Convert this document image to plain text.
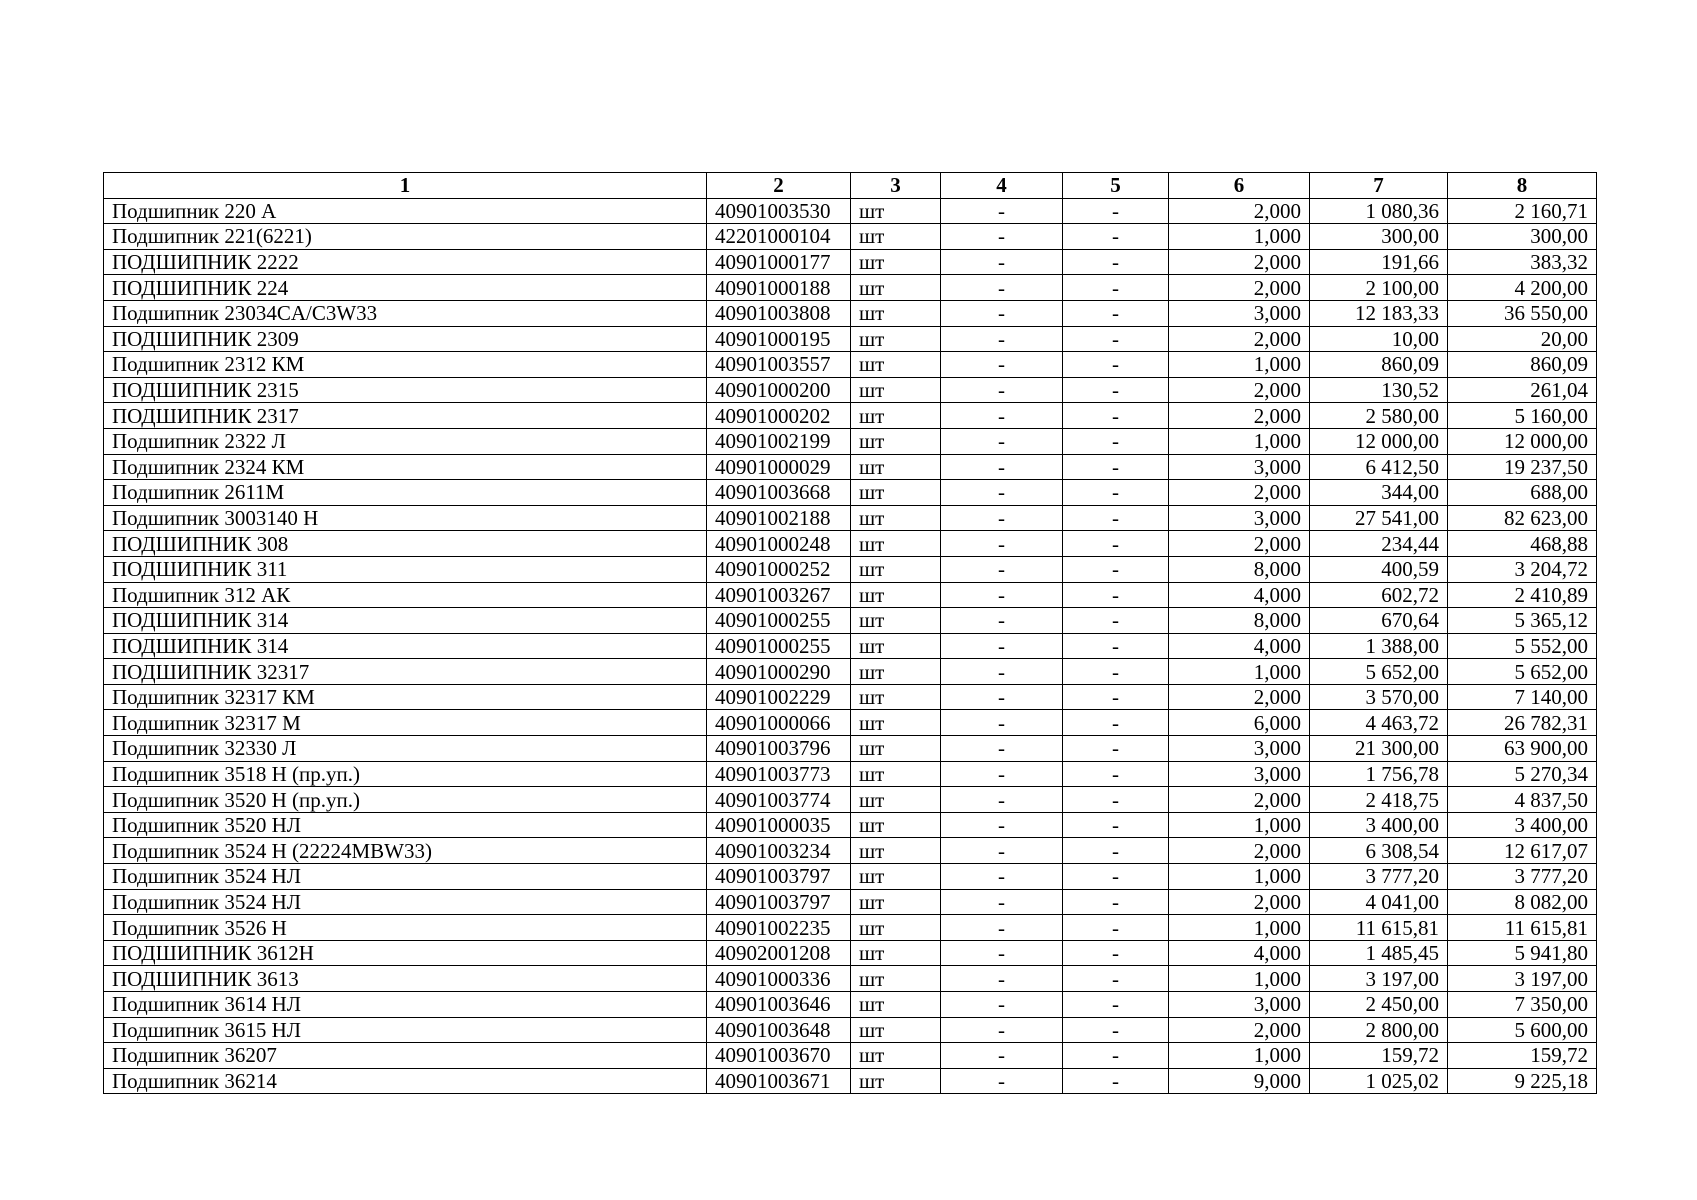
1	2	3	4	5	6	7	8
Подшипник 220 А	40901003530	шт	-	-	2,000	1 080,36	2 160,71
Подшипник 221(6221)	42201000104	шт	-	-	1,000	300,00	300,00
ПОДШИПНИК 2222	40901000177	шт	-	-	2,000	191,66	383,32
ПОДШИПНИК 224	40901000188	шт	-	-	2,000	2 100,00	4 200,00
Подшипник 23034CA/C3W33	40901003808	шт	-	-	3,000	12 183,33	36 550,00
ПОДШИПНИК 2309	40901000195	шт	-	-	2,000	10,00	20,00
Подшипник 2312 КМ	40901003557	шт	-	-	1,000	860,09	860,09
ПОДШИПНИК 2315	40901000200	шт	-	-	2,000	130,52	261,04
ПОДШИПНИК 2317	40901000202	шт	-	-	2,000	2 580,00	5 160,00
Подшипник 2322 Л	40901002199	шт	-	-	1,000	12 000,00	12 000,00
Подшипник 2324 КМ	40901000029	шт	-	-	3,000	6 412,50	19 237,50
Подшипник 2611М	40901003668	шт	-	-	2,000	344,00	688,00
Подшипник 3003140 Н	40901002188	шт	-	-	3,000	27 541,00	82 623,00
ПОДШИПНИК 308	40901000248	шт	-	-	2,000	234,44	468,88
ПОДШИПНИК 311	40901000252	шт	-	-	8,000	400,59	3 204,72
Подшипник 312 АК	40901003267	шт	-	-	4,000	602,72	2 410,89
ПОДШИПНИК 314	40901000255	шт	-	-	8,000	670,64	5 365,12
ПОДШИПНИК 314	40901000255	шт	-	-	4,000	1 388,00	5 552,00
ПОДШИПНИК 32317	40901000290	шт	-	-	1,000	5 652,00	5 652,00
Подшипник 32317 КМ	40901002229	шт	-	-	2,000	3 570,00	7 140,00
Подшипник 32317 М	40901000066	шт	-	-	6,000	4 463,72	26 782,31
Подшипник 32330 Л	40901003796	шт	-	-	3,000	21 300,00	63 900,00
Подшипник 3518 Н (пр.уп.)	40901003773	шт	-	-	3,000	1 756,78	5 270,34
Подшипник 3520 Н (пр.уп.)	40901003774	шт	-	-	2,000	2 418,75	4 837,50
Подшипник 3520 НЛ	40901000035	шт	-	-	1,000	3 400,00	3 400,00
Подшипник 3524 Н (22224MBW33)	40901003234	шт	-	-	2,000	6 308,54	12 617,07
Подшипник 3524 НЛ	40901003797	шт	-	-	1,000	3 777,20	3 777,20
Подшипник 3524 НЛ	40901003797	шт	-	-	2,000	4 041,00	8 082,00
Подшипник 3526 Н	40901002235	шт	-	-	1,000	11 615,81	11 615,81
ПОДШИПНИК 3612Н	40902001208	шт	-	-	4,000	1 485,45	5 941,80
ПОДШИПНИК 3613	40901000336	шт	-	-	1,000	3 197,00	3 197,00
Подшипник 3614 НЛ	40901003646	шт	-	-	3,000	2 450,00	7 350,00
Подшипник 3615 НЛ	40901003648	шт	-	-	2,000	2 800,00	5 600,00
Подшипник 36207	40901003670	шт	-	-	1,000	159,72	159,72
Подшипник 36214	40901003671	шт	-	-	9,000	1 025,02	9 225,18
